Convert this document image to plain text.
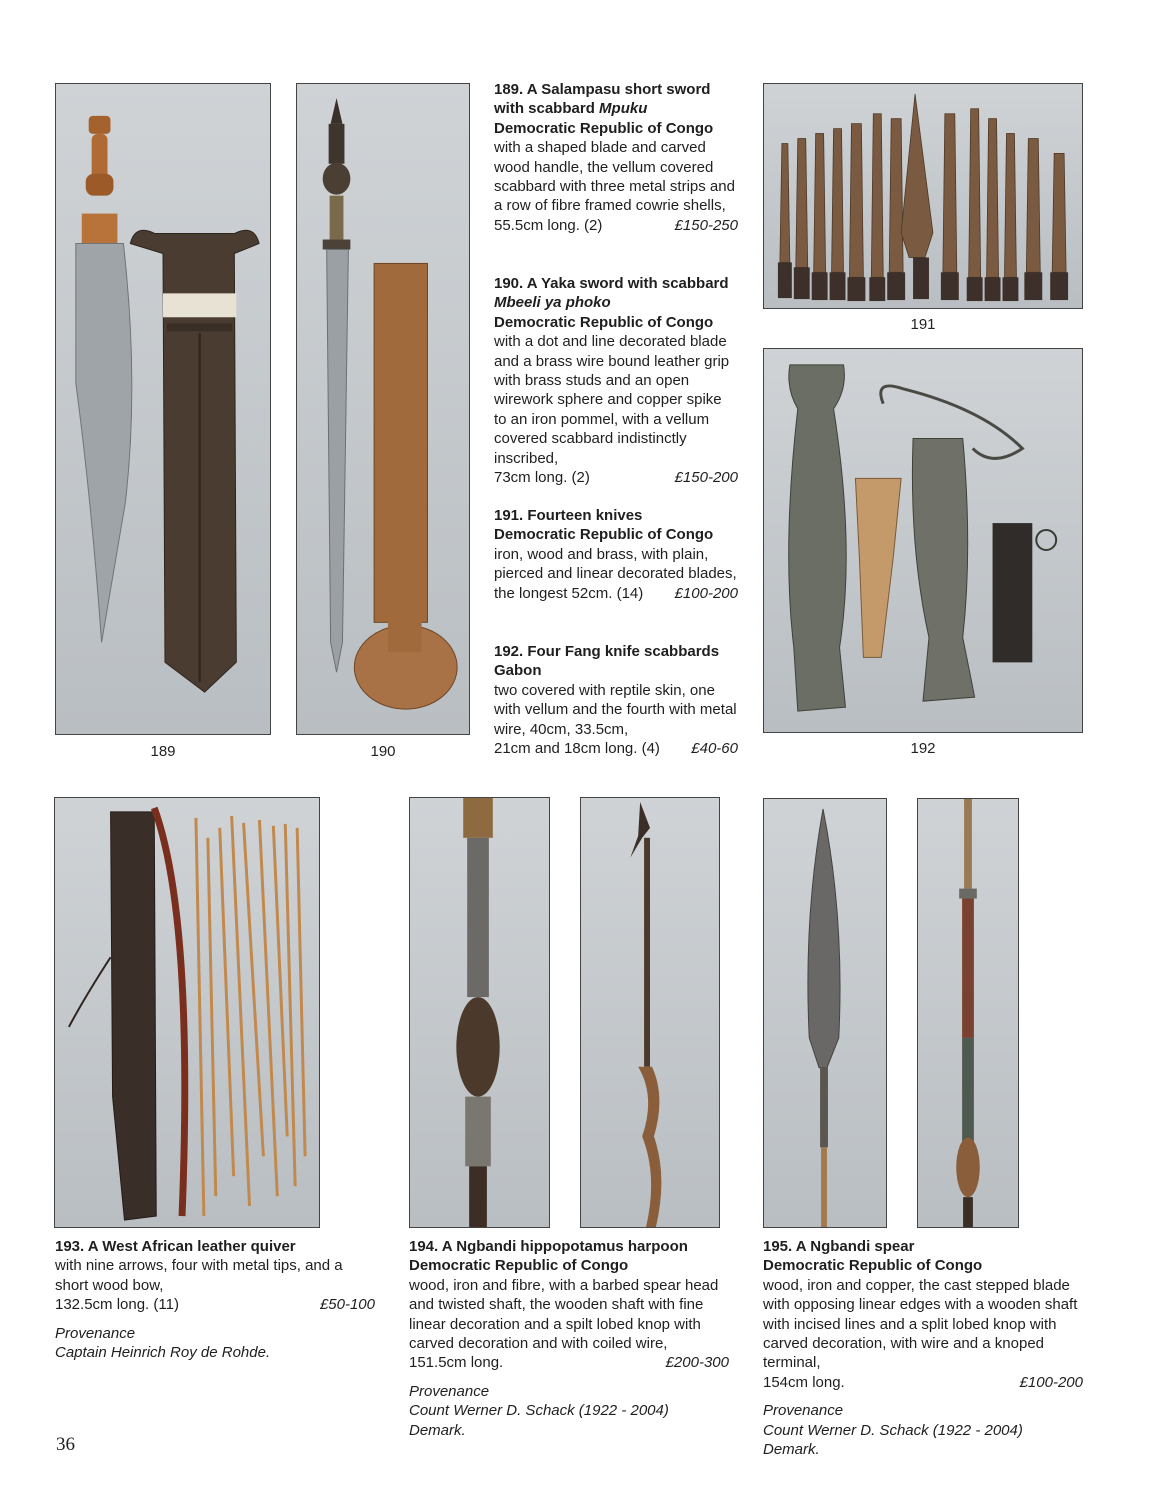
189	190
189. A Salampasu short sword with scabbard Mpuku
Democratic Republic of Congo
with a shaped blade and carved wood handle, the vellum covered scabbard with three metal strips and a row of fibre framed cowrie shells,
55.5cm long. (2)	£150-250
190. A Yaka sword with scabbard Mbeeli ya phoko
Democratic Republic of Congo
with a dot and line decorated blade and a brass wire bound leather grip with brass studs and an open wirework sphere and copper spike to an iron pommel, with a vellum covered scabbard indistinctly inscribed,
73cm long. (2)	£150-200
191. Fourteen knives
Democratic Republic of Congo
iron, wood and brass, with plain, pierced and linear decorated blades,
the longest 52cm. (14) £100-200
192. Four Fang knife scabbards
Gabon
two covered with reptile skin, one with vellum and the fourth with metal wire, 40cm, 33.5cm,
21cm and 18cm long. (4) £40-60
191
192
193. A West African leather quiver
with nine arrows, four with metal tips, and a short wood bow,
132.5cm long. (11)	£50-100
Provenance
Captain Heinrich Roy de Rohde.
194. A Ngbandi hippopotamus harpoon
Democratic Republic of Congo
wood, iron and fibre, with a barbed spear head and twisted shaft, the wooden shaft with fine linear decoration and a spilt lobed knop with carved decoration and with coiled wire,
151.5cm long.	£200-300
Provenance
Count Werner D. Schack (1922 - 2004)
Demark.
195. A Ngbandi spear
Democratic Republic of Congo
wood, iron and copper, the cast stepped blade with opposing linear edges with a wooden shaft with incised lines and a split lobed knop with carved decoration, with wire and a knoped terminal,
154cm long.	£100-200
Provenance
Count Werner D. Schack (1922 - 2004)
Demark.
36
